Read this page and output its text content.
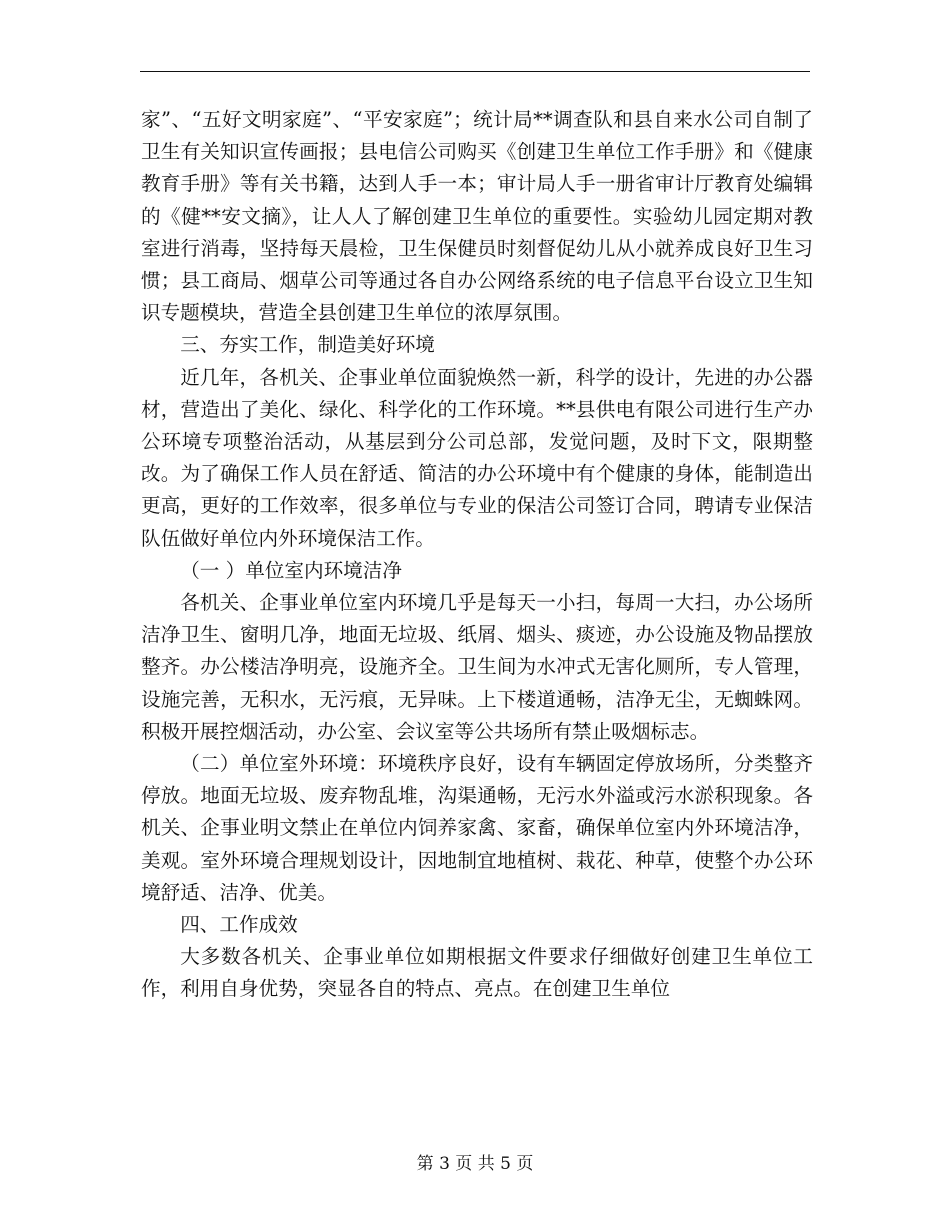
家”、“五好文明家庭”、“平安家庭”；统计局**调查队和县自来水公司自制了卫生有关知识宣传画报；县电信公司购买《创建卫生单位工作手册》和《健康教育手册》等有关书籍，达到人手一本；审计局人手一册省审计厅教育处编辑的《健**安文摘》，让人人了解创建卫生单位的重要性。实验幼儿园定期对教室进行消毒，坚持每天晨检，卫生保健员时刻督促幼儿从小就养成良好卫生习惯；县工商局、烟草公司等通过各自办公网络系统的电子信息平台设立卫生知识专题模块，营造全县创建卫生单位的浓厚氛围。

三、夯实工作，制造美好环境

近几年，各机关、企事业单位面貌焕然一新，科学的设计，先进的办公器材，营造出了美化、绿化、科学化的工作环境。**县供电有限公司进行生产办公环境专项整治活动，从基层到分公司总部，发觉问题，及时下文，限期整改。为了确保工作人员在舒适、简洁的办公环境中有个健康的身体，能制造出更高，更好的工作效率，很多单位与专业的保洁公司签订合同，聘请专业保洁队伍做好单位内外环境保洁工作。

（一 ）单位室内环境洁净

各机关、企事业单位室内环境几乎是每天一小扫，每周一大扫，办公场所洁净卫生、窗明几净，地面无垃圾、纸屑、烟头、痰迹，办公设施及物品摆放整齐。办公楼洁净明亮，设施齐全。卫生间为水冲式无害化厕所，专人管理，设施完善，无积水，无污痕，无异味。上下楼道通畅，洁净无尘，无蜘蛛网。积极开展控烟活动，办公室、会议室等公共场所有禁止吸烟标志。

（二）单位室外环境：环境秩序良好，设有车辆固定停放场所，分类整齐停放。地面无垃圾、废弃物乱堆，沟渠通畅，无污水外溢或污水淤积现象。各机关、企事业明文禁止在单位内饲养家禽、家畜，确保单位室内外环境洁净，美观。室外环境合理规划设计，因地制宜地植树、栽花、种草，使整个办公环境舒适、洁净、优美。

四、工作成效

大多数各机关、企事业单位如期根据文件要求仔细做好创建卫生单位工作，利用自身优势，突显各自的特点、亮点。在创建卫生单位

第 3 页 共 5 页
